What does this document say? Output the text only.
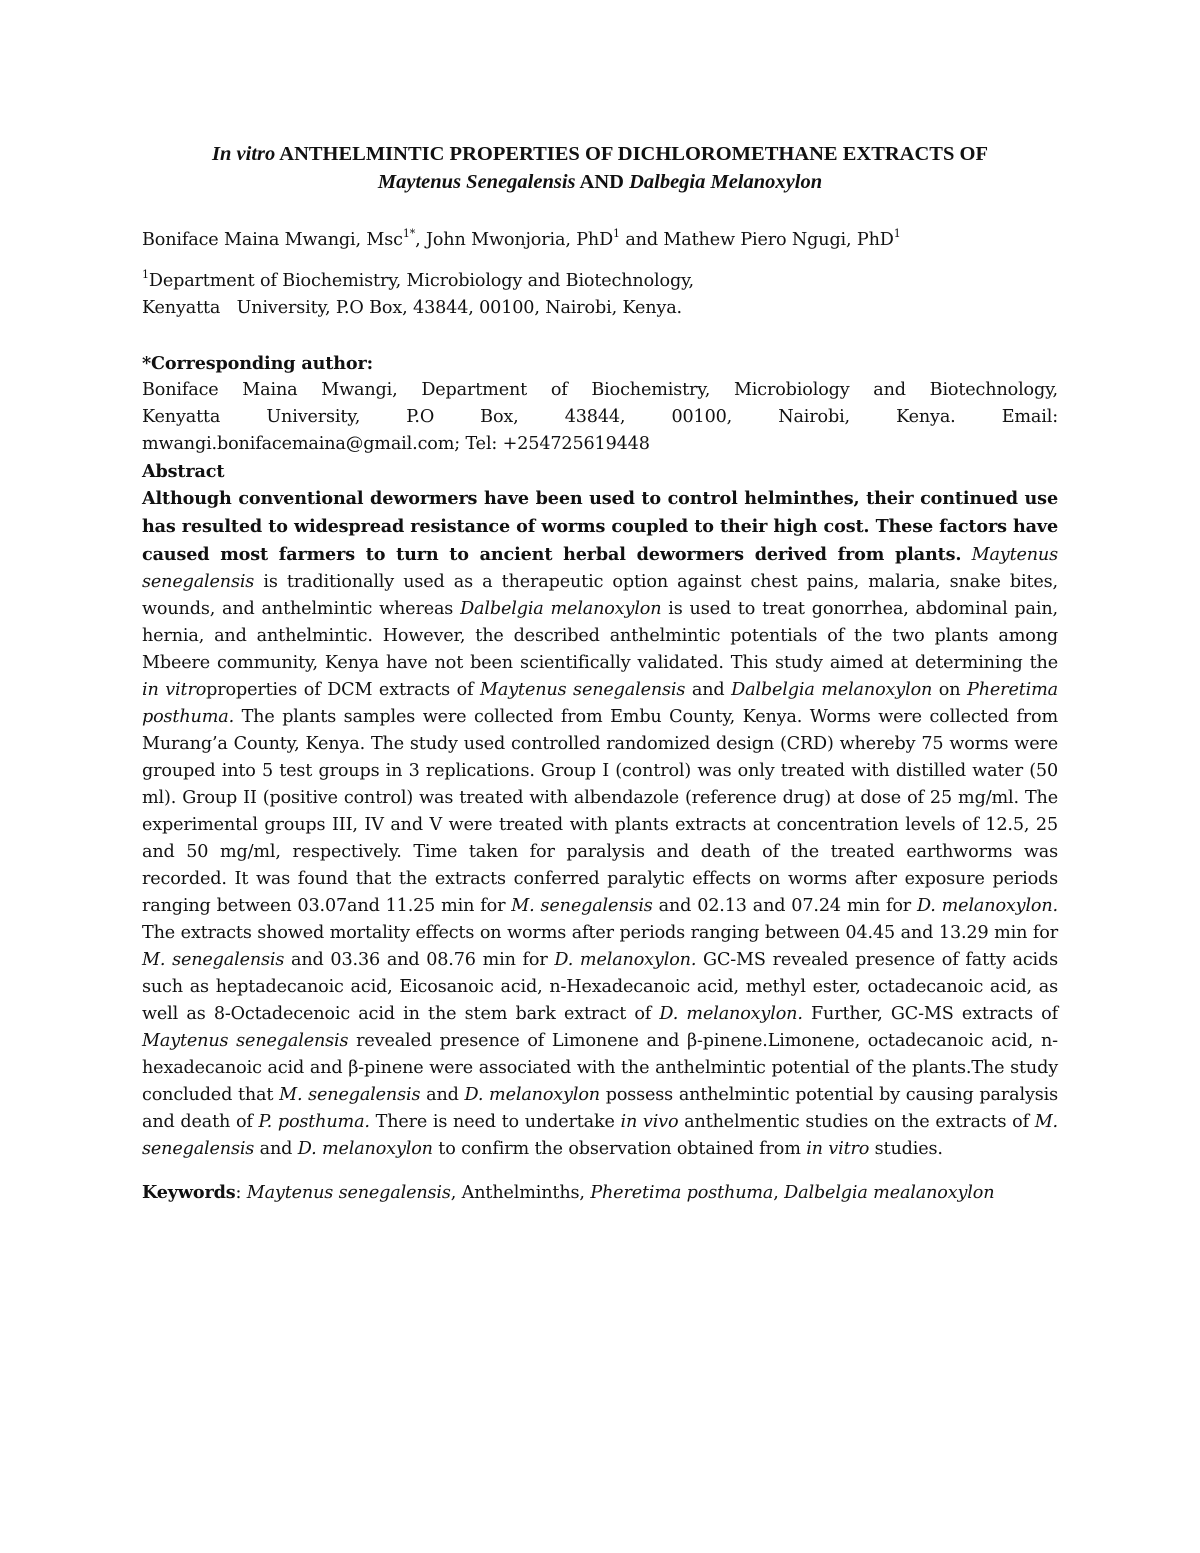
In vitro ANTHELMINTIC PROPERTIES OF DICHLOROMETHANE EXTRACTS OF
Maytenus Senegalensis AND Dalbegia Melanoxylon
Boniface Maina Mwangi, Msc$^{1*}$, John Mwonjoria, PhD$^1$ and Mathew Piero Ngugi, PhD$^1$
$^1$Department of Biochemistry, Microbiology and Biotechnology,
Kenyatta   University, P.O Box, 43844, 00100, Nairobi, Kenya.
*Corresponding author:
Boniface Maina Mwangi, Department of Biochemistry, Microbiology and Biotechnology,
Kenyatta University, P.O Box, 43844, 00100, Nairobi, Kenya. Email:
mwangi.bonifacemaina@gmail.com; Tel: +254725619448
Abstract
Although conventional dewormers have been used to control helminthes, their continued use has resulted to widespread resistance of worms coupled to their high cost. These factors have caused most farmers to turn to ancient herbal dewormers derived from plants. Maytenus senegalensis is traditionally used as a therapeutic option against chest pains, malaria, snake bites, wounds, and anthelmintic whereas Dalbelgia melanoxylon is used to treat gonorrhea, abdominal pain, hernia, and anthelmintic. However, the described anthelmintic potentials of the two plants among Mbeere community, Kenya have not been scientifically validated. This study aimed at determining the in vitroproperties of DCM extracts of Maytenus senegalensis and Dalbelgia melanoxylon on Pheretima posthuma. The plants samples were collected from Embu County, Kenya. Worms were collected from Murang’a County, Kenya. The study used controlled randomized design (CRD) whereby 75 worms were grouped into 5 test groups in 3 replications. Group I (control) was only treated with distilled water (50 ml). Group II (positive control) was treated with albendazole (reference drug) at dose of 25 mg/ml. The experimental groups III, IV and V were treated with plants extracts at concentration levels of 12.5, 25 and 50 mg/ml, respectively. Time taken for paralysis and death of the treated earthworms was recorded. It was found that the extracts conferred paralytic effects on worms after exposure periods ranging between 03.07and 11.25 min for M. senegalensis and 02.13 and 07.24 min for D. melanoxylon. The extracts showed mortality effects on worms after periods ranging between 04.45 and 13.29 min for M. senegalensis and 03.36 and 08.76 min for D. melanoxylon. GC-MS revealed presence of fatty acids such as heptadecanoic acid, Eicosanoic acid, n-Hexadecanoic acid, methyl ester, octadecanoic acid, as well as 8-Octadecenoic acid in the stem bark extract of D. melanoxylon. Further, GC-MS extracts of Maytenus senegalensis revealed presence of Limonene and β-pinene.Limonene, octadecanoic acid, n-hexadecanoic acid and β-pinene were associated with the anthelmintic potential of the plants.The study concluded that M. senegalensis and D. melanoxylon possess anthelmintic potential by causing paralysis and death of P. posthuma. There is need to undertake in vivo anthelmentic studies on the extracts of M. senegalensis and D. melanoxylon to confirm the observation obtained from in vitro studies.
Keywords: Maytenus senegalensis, Anthelminths, Pheretima posthuma, Dalbelgia mealanoxylon
